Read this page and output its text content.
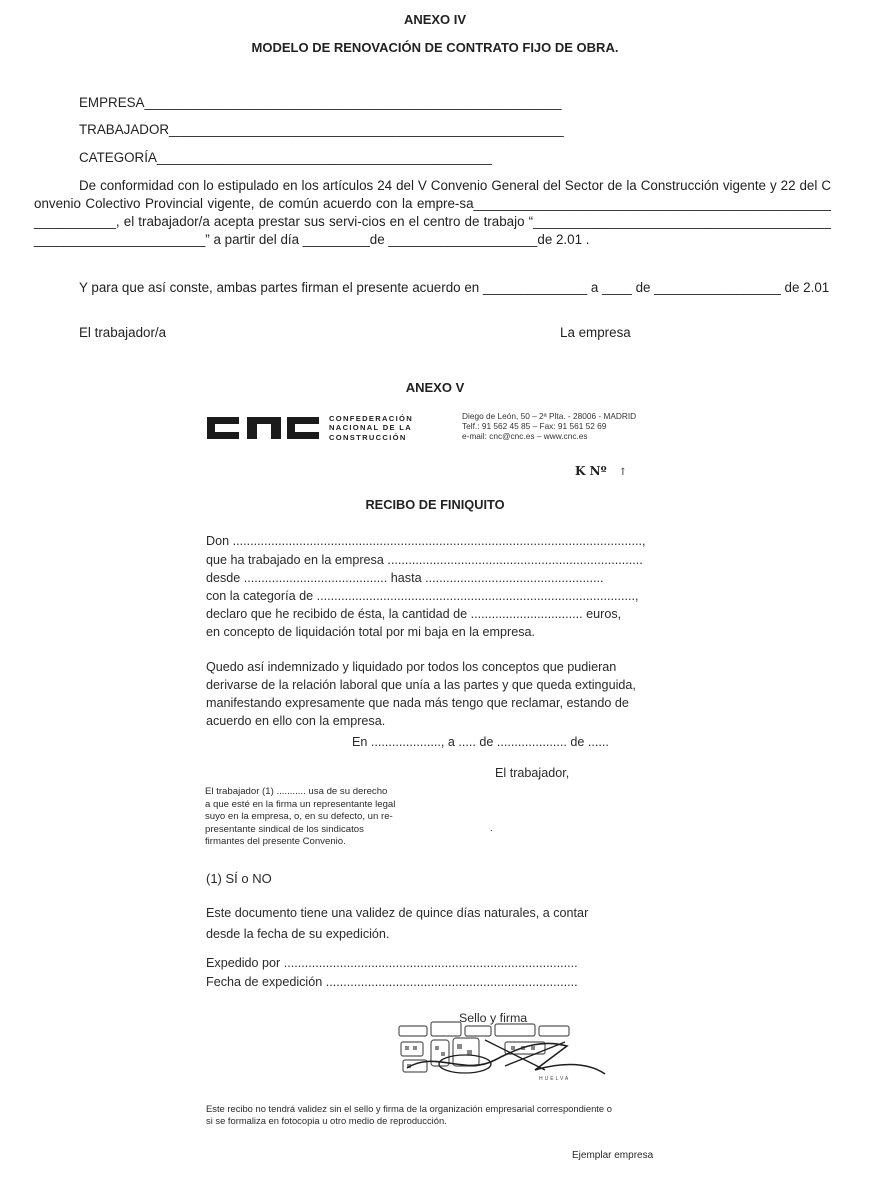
ANEXO IV
MODELO DE RENOVACIÓN DE CONTRATO FIJO DE OBRA.
EMPRESA________________________________________________________
TRABAJADOR_____________________________________________________
CATEGORÍA_____________________________________________
De conformidad con lo estipulado en los artículos 24 del V Convenio General del Sector de la Construcción vigente y 22 del Convenio Colectivo Provincial vigente, de común acuerdo con la empre-sa___________________________________________________________, el trabajador/a acepta prestar sus servi-cios en el centro de trabajo “_______________________________________________________________” a partir del día _________de ____________________de 2.01 .
Y para que así conste, ambas partes firman el presente acuerdo en ______________ a ____ de _________________ de 2.01
El trabajador/a	La empresa
ANEXO V
CONFEDERACIÓN
NACIONAL DE LA
CONSTRUCCIÓN
Diego de León, 50 – 2ª Plta. - 28006 - MADRID
Telf.: 91 562 45 85 – Fax: 91 561 52 69
e-mail: cnc@cnc.es – www.cnc.es
K Nº ↑
RECIBO DE FINIQUITO
Don .....................................................................................................................,
que ha trabajado en la empresa .........................................................................
desde ......................................... hasta ...................................................
con la categoría de ...........................................................................................,
declaro que he recibido de ésta, la cantidad de ................................ euros,
en concepto de liquidación total por mi baja en la empresa.
Quedo así indemnizado y liquidado por todos los conceptos que pudieran
derivarse de la relación laboral que unía a las partes y que queda extinguida,
manifestando expresamente que nada más tengo que reclamar, estando de
acuerdo en ello con la empresa.
En ...................., a ..... de .................... de ......
El trabajador,
El trabajador (1) ........... usa de su derecho
a que esté en la firma un representante legal
suyo en la empresa, o, en su defecto, un re-
presentante sindical de los sindicatos
firmantes del presente Convenio.
.
(1) SÍ o NO
Este documento tiene una validez de quince días naturales, a contar
desde la fecha de su expedición.
Expedido por ....................................................................................
Fecha de expedición ........................................................................
Sello y firma
HUELVA
Este recibo no tendrá validez sin el sello y firma de la organización empresarial correspondiente o
si se formaliza en fotocopia u otro medio de reproducción.
Ejemplar empresa
